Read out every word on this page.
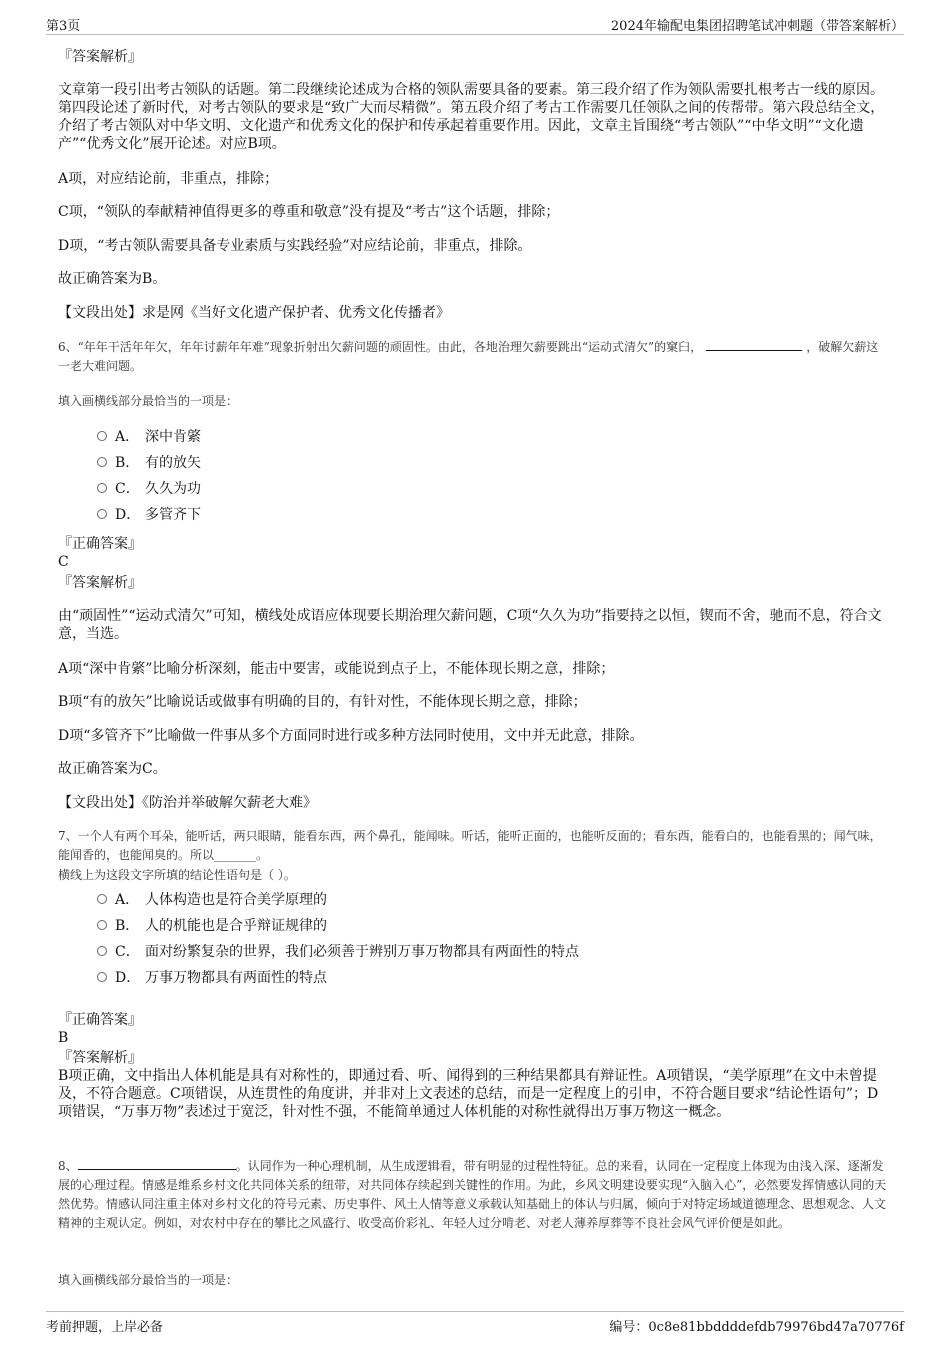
第3页	2024年输配电集团招聘笔试冲刺题（带答案解析）

『答案解析』

文章第一段引出考古领队的话题。第二段继续论述成为合格的领队需要具备的要素。第三段介绍了作为领队需要扎根考古一线的原因。第四段论述了新时代，对考古领队的要求是“致广大而尽精微”。第五段介绍了考古工作需要几任领队之间的传帮带。第六段总结全文，介绍了考古领队对中华文明、文化遗产和优秀文化的保护和传承起着重要作用。因此，文章主旨围绕“考古领队”“中华文明”“文化遗产”“优秀文化”展开论述。对应B项。

A项，对应结论前，非重点，排除；

C项，“领队的奉献精神值得更多的尊重和敬意”没有提及“考古”这个话题，排除；

D项，“考古领队需要具备专业素质与实践经验”对应结论前，非重点，排除。

故正确答案为B。

【文段出处】求是网《当好文化遗产保护者、优秀文化传播者》

6、“年年干活年年欠，年年讨薪年年难”现象折射出欠薪问题的顽固性。由此，各地治理欠薪要跳出“运动式清欠”的窠臼，	，破解欠薪这一老大难问题。

填入画横线部分最恰当的一项是：

A． 深中肯綮
B． 有的放矢
C． 久久为功
D． 多管齐下

『正确答案』

C

『答案解析』

由“顽固性”“运动式清欠”可知，横线处成语应体现要长期治理欠薪问题，C项“久久为功”指要持之以恒，锲而不舍，驰而不息，符合文意，当选。

A项“深中肯綮”比喻分析深刻，能击中要害，或能说到点子上，不能体现长期之意，排除；

B项“有的放矢”比喻说话或做事有明确的目的，有针对性，不能体现长期之意，排除；

D项“多管齐下”比喻做一件事从多个方面同时进行或多种方法同时使用，文中并无此意，排除。

故正确答案为C。

【文段出处】《防治并举破解欠薪老大难》

7、一个人有两个耳朵，能听话，两只眼睛，能看东西，两个鼻孔，能闻味。听话，能听正面的，也能听反面的；看东西，能看白的，也能看黑的；闻气味，能闻香的，也能闻臭的。所以_______。

横线上为这段文字所填的结论性语句是（ ）。

A． 人体构造也是符合美学原理的
B． 人的机能也是合乎辩证规律的
C． 面对纷繁复杂的世界，我们必须善于辨别万事万物都具有两面性的特点
D． 万事万物都具有两面性的特点

『正确答案』

B

『答案解析』

B项正确，文中指出人体机能是具有对称性的，即通过看、听、闻得到的三种结果都具有辩证性。A项错误，“美学原理”在文中未曾提及，不符合题意。C项错误，从连贯性的角度讲，并非对上文表述的总结，而是一定程度上的引申，不符合题目要求“结论性语句”；D项错误，“万事万物”表述过于宽泛，针对性不强，不能简单通过人体机能的对称性就得出万事万物这一概念。

8、	。认同作为一种心理机制，从生成逻辑看，带有明显的过程性特征。总的来看，认同在一定程度上体现为由浅入深、逐渐发展的心理过程。情感是维系乡村文化共同体关系的纽带，对共同体存续起到关键性的作用。为此，乡风文明建设要实现“入脑入心”，必然要发挥情感认同的天然优势。情感认同注重主体对乡村文化的符号元素、历史事件、风土人情等意义承载认知基础上的体认与归属，倾向于对特定场域道德理念、思想观念、人文精神的主观认定。例如，对农村中存在的攀比之风盛行、收受高价彩礼、年轻人过分啃老、对老人薄养厚葬等不良社会风气评价便是如此。

填入画横线部分最恰当的一项是：

考前押题，上岸必备	编号：0c8e81bbddddefdb79976bd47a70776f
